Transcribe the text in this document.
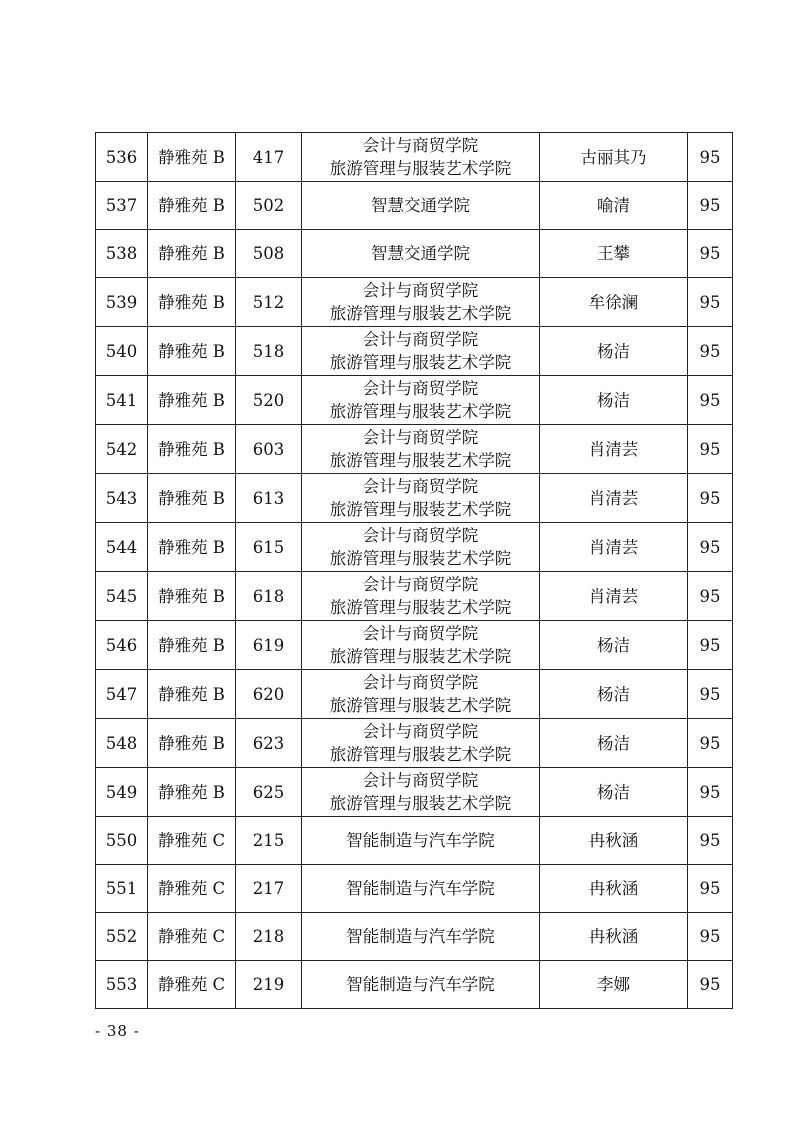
536	静雅苑 B	417	会计与商贸学院
旅游管理与服装艺术学院	古丽其乃	95
537	静雅苑 B	502	智慧交通学院	喻清	95
538	静雅苑 B	508	智慧交通学院	王攀	95
539	静雅苑 B	512	会计与商贸学院
旅游管理与服装艺术学院	牟徐澜	95
540	静雅苑 B	518	会计与商贸学院
旅游管理与服装艺术学院	杨洁	95
541	静雅苑 B	520	会计与商贸学院
旅游管理与服装艺术学院	杨洁	95
542	静雅苑 B	603	会计与商贸学院
旅游管理与服装艺术学院	肖清芸	95
543	静雅苑 B	613	会计与商贸学院
旅游管理与服装艺术学院	肖清芸	95
544	静雅苑 B	615	会计与商贸学院
旅游管理与服装艺术学院	肖清芸	95
545	静雅苑 B	618	会计与商贸学院
旅游管理与服装艺术学院	肖清芸	95
546	静雅苑 B	619	会计与商贸学院
旅游管理与服装艺术学院	杨洁	95
547	静雅苑 B	620	会计与商贸学院
旅游管理与服装艺术学院	杨洁	95
548	静雅苑 B	623	会计与商贸学院
旅游管理与服装艺术学院	杨洁	95
549	静雅苑 B	625	会计与商贸学院
旅游管理与服装艺术学院	杨洁	95
550	静雅苑 C	215	智能制造与汽车学院	冉秋涵	95
551	静雅苑 C	217	智能制造与汽车学院	冉秋涵	95
552	静雅苑 C	218	智能制造与汽车学院	冉秋涵	95
553	静雅苑 C	219	智能制造与汽车学院	李娜	95
- 38 -
